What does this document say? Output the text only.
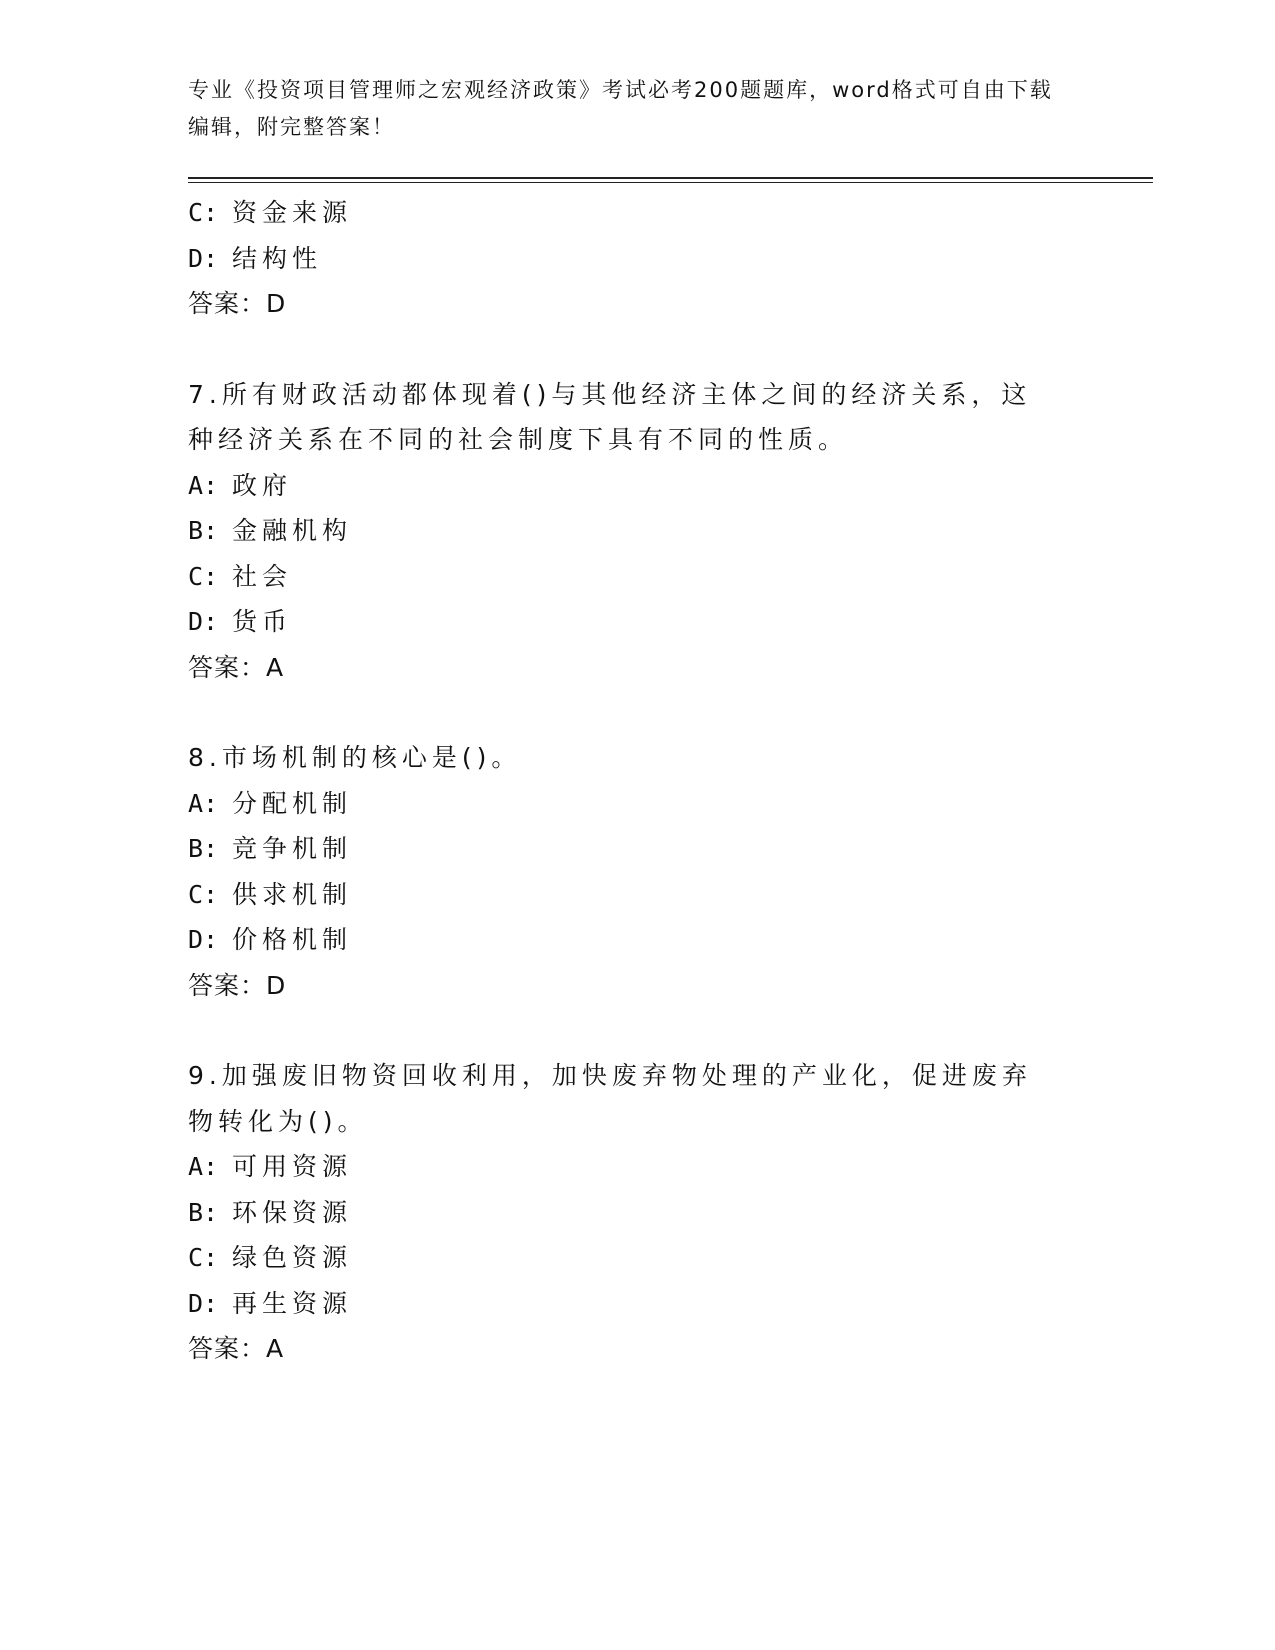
专业《投资项目管理师之宏观经济政策》考试必考200题题库，word格式可自由下载编辑，附完整答案！
C: 资金来源
D: 结构性
答案：D
7.所有财政活动都体现着()与其他经济主体之间的经济关系，这种经济关系在不同的社会制度下具有不同的性质。
A: 政府
B: 金融机构
C: 社会
D: 货币
答案：A
8.市场机制的核心是()。
A: 分配机制
B: 竞争机制
C: 供求机制
D: 价格机制
答案：D
9.加强废旧物资回收利用，加快废弃物处理的产业化，促进废弃物转化为()。
A: 可用资源
B: 环保资源
C: 绿色资源
D: 再生资源
答案：A
